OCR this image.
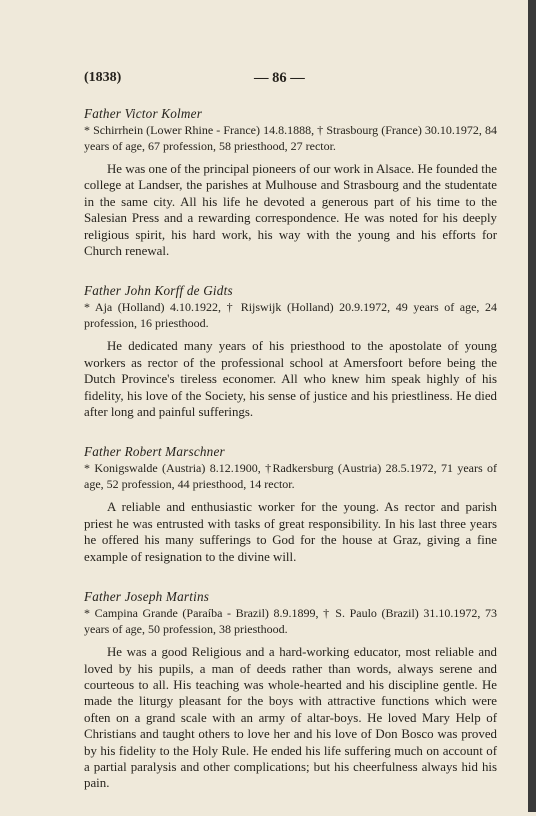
(1838)	— 86 —
Father Victor Kolmer
* Schirrhein (Lower Rhine - France) 14.8.1888, † Strasbourg (France) 30.10.1972, 84 years of age, 67 profession, 58 priesthood, 27 rector.
He was one of the principal pioneers of our work in Alsace. He founded the college at Landser, the parishes at Mulhouse and Strasbourg and the studentate in the same city. All his life he devoted a generous part of his time to the Salesian Press and a rewarding correspondence. He was noted for his deeply religious spirit, his hard work, his way with the young and his efforts for Church renewal.
Father John Korff de Gidts
* Aja (Holland) 4.10.1922, † Rijswijk (Holland) 20.9.1972, 49 years of age, 24 profession, 16 priesthood.
He dedicated many years of his priesthood to the apostolate of young workers as rector of the professional school at Amersfoort before being the Dutch Province's tireless economer. All who knew him speak highly of his fidelity, his love of the Society, his sense of justice and his priestliness. He died after long and painful sufferings.
Father Robert Marschner
* Konigswalde (Austria) 8.12.1900, †Radkersburg (Austria) 28.5.1972, 71 years of age, 52 profession, 44 priesthood, 14 rector.
A reliable and enthusiastic worker for the young. As rector and parish priest he was entrusted with tasks of great responsibility. In his last three years he offered his many sufferings to God for the house at Graz, giving a fine example of resignation to the divine will.
Father Joseph Martins
* Campina Grande (Paraíba - Brazil) 8.9.1899, † S. Paulo (Brazil) 31.10.1972, 73 years of age, 50 profession, 38 priesthood.
He was a good Religious and a hard-working educator, most reliable and loved by his pupils, a man of deeds rather than words, always serene and courteous to all. His teaching was whole-hearted and his discipline gentle. He made the liturgy pleasant for the boys with attractive functions which were often on a grand scale with an army of altar-boys. He loved Mary Help of Christians and taught others to love her and his love of Don Bosco was proved by his fidelity to the Holy Rule. He ended his life suffering much on account of a partial paralysis and other complications; but his cheerfulness always hid his pain.
